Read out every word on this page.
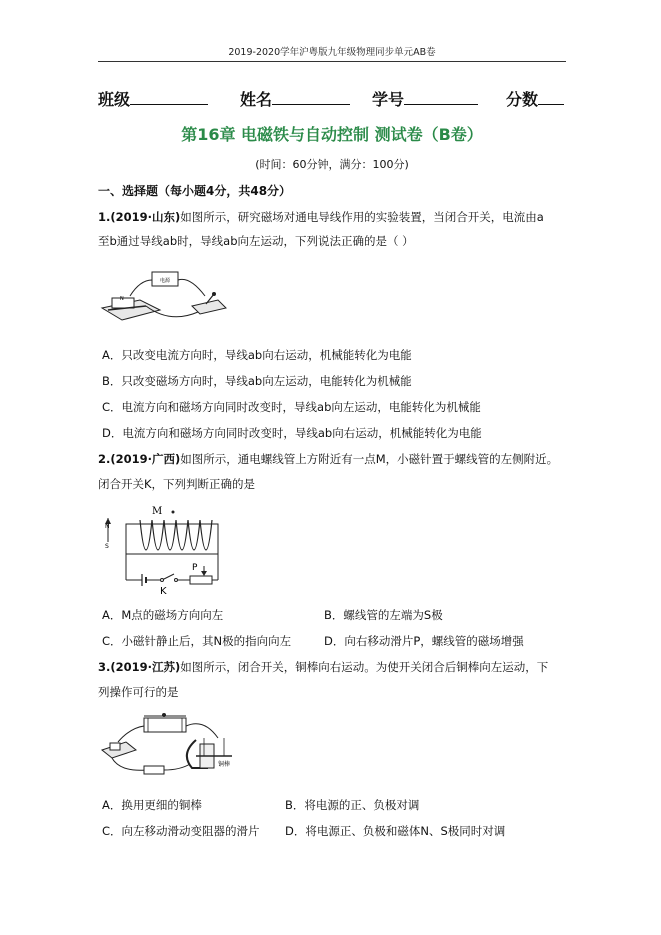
2019-2020学年沪粤版九年级物理同步单元AB卷
班级	姓名	学号	分数
第16章 电磁铁与自动控制 测试卷（B卷）
(时间：60分钟，满分：100分)
一、选择题（每小题4分，共48分）
1.(2019·山东)如图所示，研究磁场对通电导线作用的实验装置，当闭合开关，电流由a
至b通过导线ab时，导线ab向左运动，下列说法正确的是（ ）
电源
N
A．只改变电流方向时，导线ab向右运动，机械能转化为电能
B．只改变磁场方向时，导线ab向左运动，电能转化为机械能
C．电流方向和磁场方向同时改变时，导线ab向左运动，电能转化为机械能
D．电流方向和磁场方向同时改变时，导线ab向右运动，机械能转化为电能
2.(2019·广西)如图所示，通电螺线管上方附近有一点M，小磁针置于螺线管的左侧附近。
闭合开关K，下列判断正确的是
N
S
M
K
P
A．M点的磁场方向向左	B．螺线管的左端为S极
C．小磁针静止后，其N极的指向向左	D．向右移动滑片P，螺线管的磁场增强
3.(2019·江苏)如图所示，闭合开关，铜棒向右运动。为使开关闭合后铜棒向左运动，下
列操作可行的是
铜棒
A．换用更细的铜棒	B．将电源的正、负极对调
C．向左移动滑动变阻器的滑片 D．将电源正、负极和磁体N、S极同时对调
